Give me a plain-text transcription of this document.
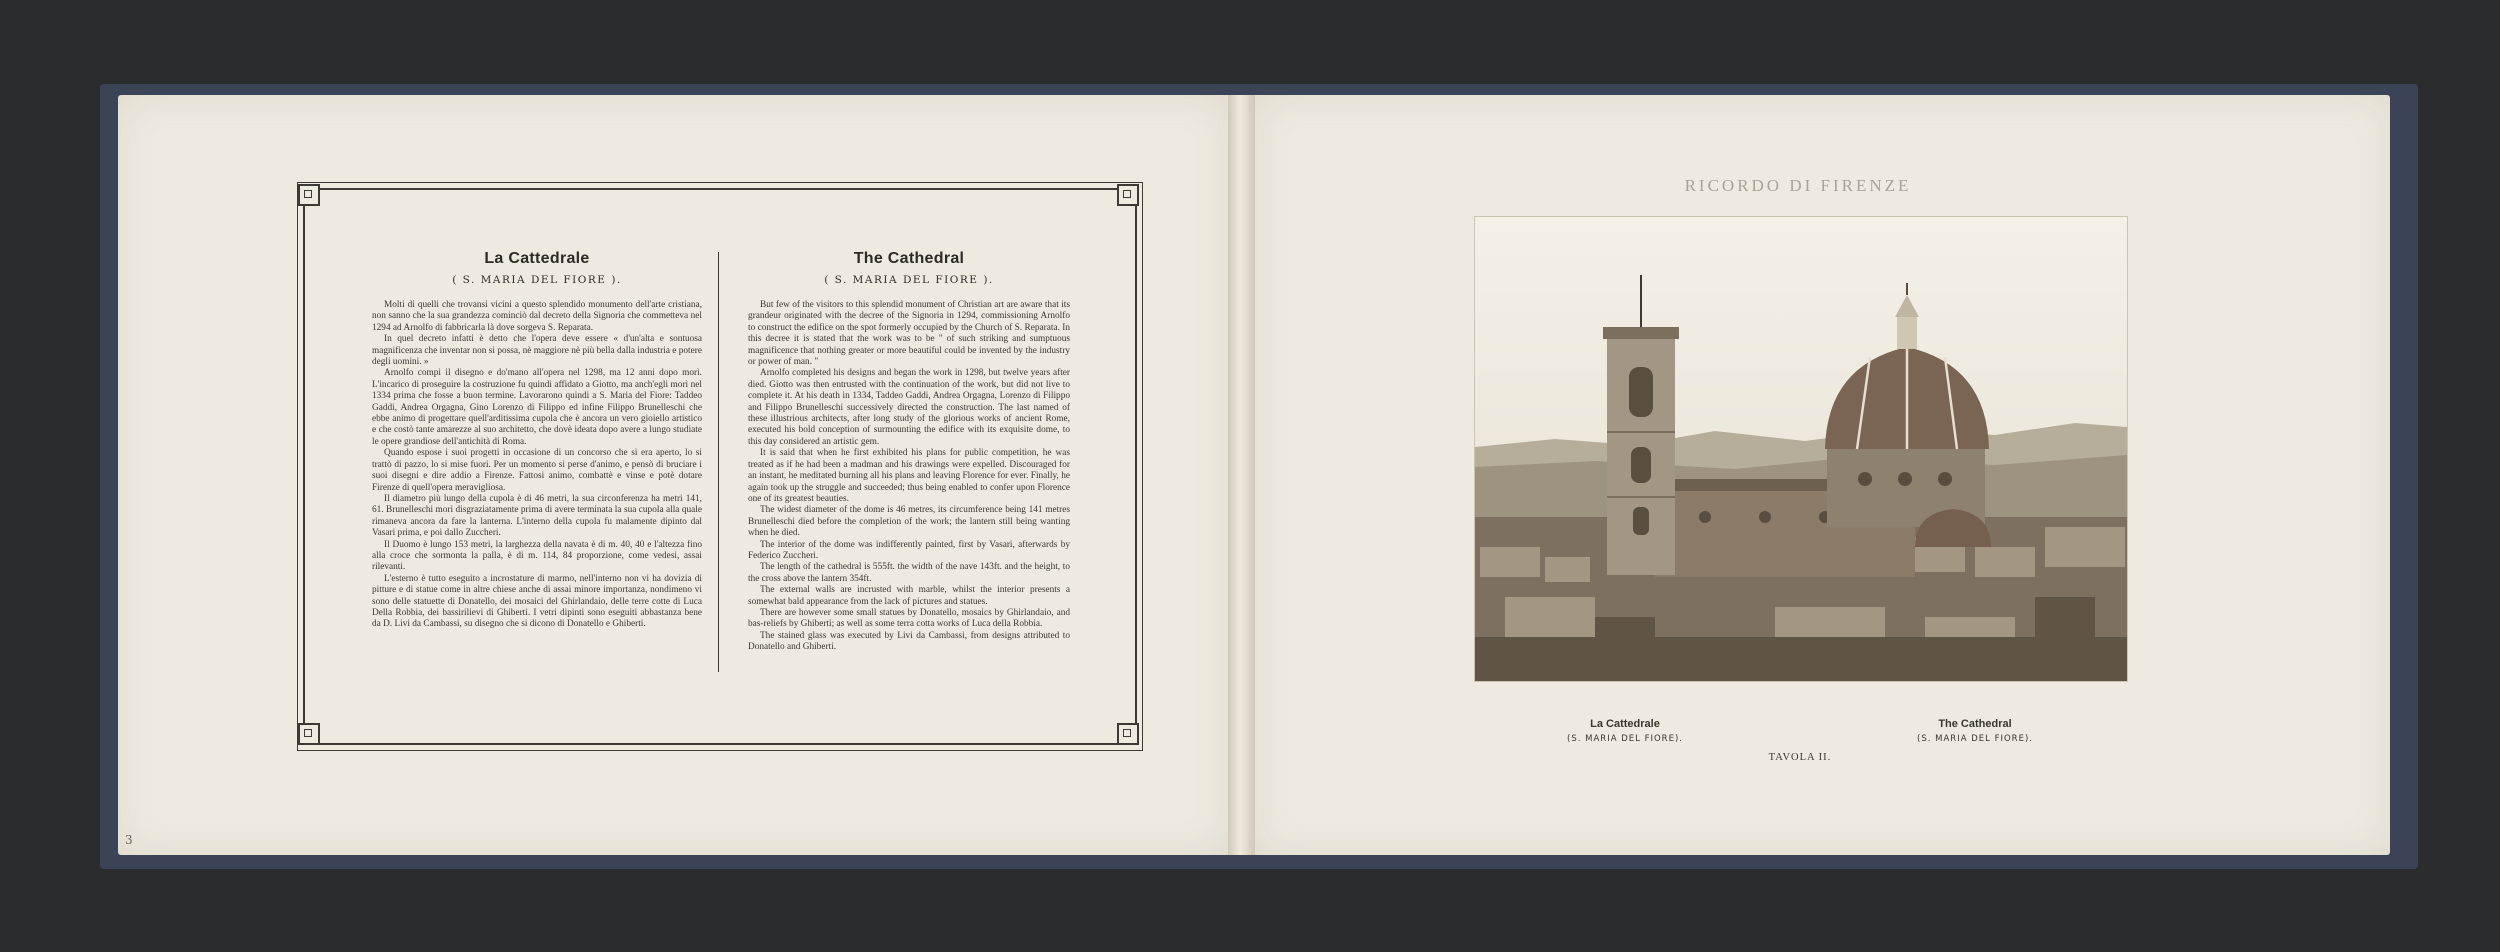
3
La Cattedrale
( S. MARIA DEL FIORE ).

Molti di quelli che trovansi vicini a questo splendido monumento dell'arte cristiana, non sanno che la sua grandezza cominciò dal decreto della Signoria che commetteva nel 1294 ad Arnolfo di fabbricarla là dove sorgeva S. Reparata.

In quel decreto infatti è detto che l'opera deve essere « d'un'alta e sontuosa magnificenza che inventar non si possa, nè maggiore nè più bella dalla industria e potere degli uomini. »

Arnolfo compì il disegno e do'mano all'opera nel 1298, ma 12 anni dopo morì. L'incarico di proseguire la costruzione fu quindi affidato a Giotto, ma anch'egli morì nel 1334 prima che fosse a buon termine. Lavorarono quindi a S. Maria del Fiore: Taddeo Gaddi, Andrea Orgagna, Gino Lorenzo di Filippo ed infine Filippo Brunelleschi che ebbe animo di progettare quell'arditissima cupola che è ancora un vero gioiello artistico e che costò tante amarezze al suo architetto, che dovè ideata dopo avere a lungo studiate le opere grandiose dell'antichità di Roma.

Quando espose i suoi progetti in occasione di un concorso che si era aperto, lo si trattò di pazzo, lo si mise fuori. Per un momento si perse d'animo, e pensò di bruciare i suoi disegni e dire addio a Firenze. Fattosi animo, combattè e vinse e potè dotare Firenze di quell'opera meravigliosa.

Il diametro più lungo della cupola è di 46 metri, la sua circonferenza ha metri 141, 61. Brunelleschi morì disgraziatamente prima di avere terminata la sua cupola alla quale rimaneva ancora da fare la lanterna. L'interno della cupola fu malamente dipinto dal Vasari prima, e poi dallo Zuccheri.

Il Duomo è lungo 153 metri, la larghezza della navata è di m. 40, 40 e l'altezza fino alla croce che sormonta la palla, è di m. 114, 84 proporzione, come vedesi, assai rilevanti.

L'esterno è tutto eseguito a incrostature di marmo, nell'interno non vi ha dovizia di pitture e di statue come in altre chiese anche di assai minore importanza, nondimeno vi sono delle statuette di Donatello, dei mosaici del Ghirlandaio, delle terre cotte di Luca Della Robbia, dei bassirilievi di Ghiberti. I vetri dipinti sono eseguiti abbastanza bene da D. Livi da Cambassi, su disegno che si dicono di Donatello e Ghiberti.

The Cathedral
( S. MARIA DEL FIORE ).

But few of the visitors to this splendid monument of Christian art are aware that its grandeur originated with the decree of the Signoria in 1294, commissioning Arnolfo to construct the edifice on the spot formerly occupied by the Church of S. Reparata. In this decree it is stated that the work was to be " of such striking and sumptuous magnificence that nothing greater or more beautiful could be invented by the industry or power of man. "

Arnolfo completed his designs and began the work in 1298, but twelve years after died. Giotto was then entrusted with the continuation of the work, but did not live to complete it. At his death in 1334, Taddeo Gaddi, Andrea Orgagna, Lorenzo di Filippo and Filippo Brunelleschi successively directed the construction. The last named of these illustrious architects, after long study of the glorious works of ancient Rome, executed his bold conception of surmounting the edifice with its exquisite dome, to this day considered an artistic gem.

It is said that when he first exhibited his plans for public competition, he was treated as if he had been a madman and his drawings were expelled. Discouraged for an instant, he meditated burning all his plans and leaving Florence for ever. Finally, he again took up the struggle and succeeded; thus being enabled to confer upon Florence one of its greatest beauties.

The widest diameter of the dome is 46 metres, its circumference being 141 metres Brunelleschi died before the completion of the work; the lantern still being wanting when he died.

The interior of the dome was indifferently painted, first by Vasari, afterwards by Federico Zuccheri.

The length of the cathedral is 555ft. the width of the nave 143ft. and the height, to the cross above the lantern 354ft.

The external walls are incrusted with marble, whilst the interior presents a somewhat bald appearance from the lack of pictures and statues.

There are however some small statues by Donatello, mosaics by Ghirlandaio, and bas-reliefs by Ghiberti; as well as some terra cotta works of Luca della Robbia.

The stained glass was executed by Livi da Cambassi, from designs attributed to Donatello and Ghiberti.

RICORDO DI FIRENZE
La Cattedrale
(S. MARIA DEL FIORE).
The Cathedral
(S. MARIA DEL FIORE).
TAVOLA II.
